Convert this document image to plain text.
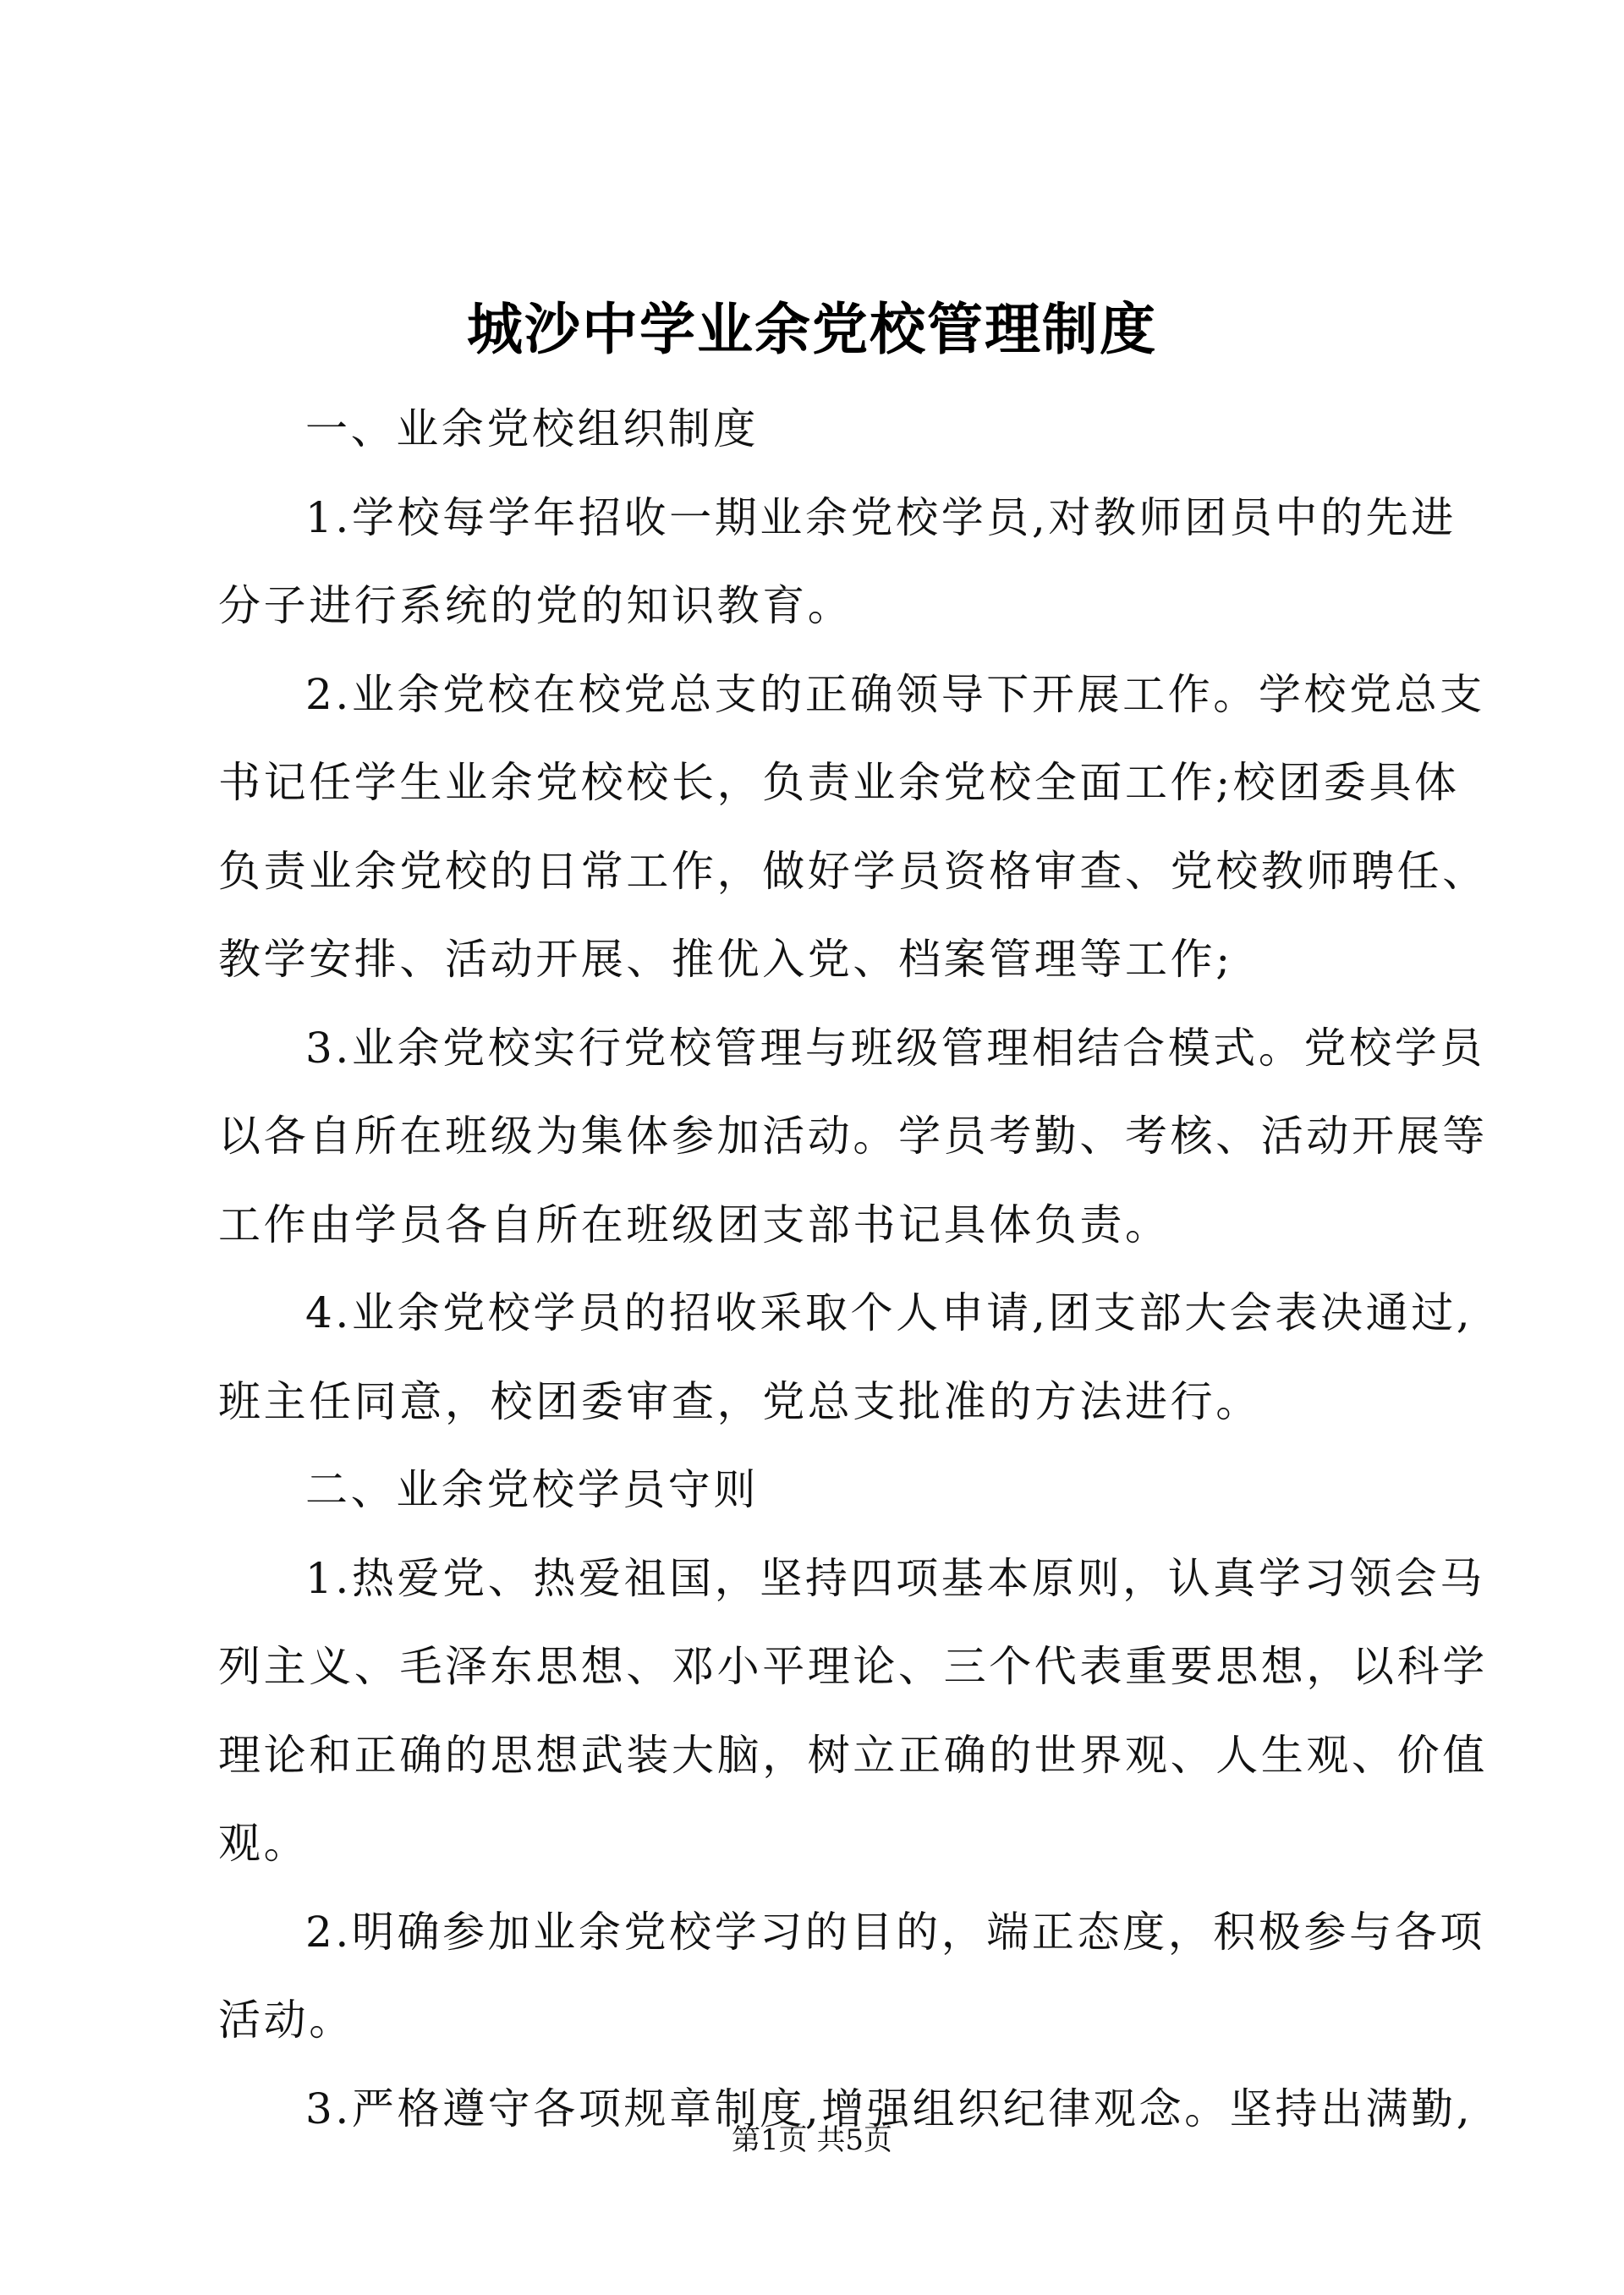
城沙中学业余党校管理制度
一、业余党校组织制度
1.学校每学年招收一期业余党校学员,对教师团员中的先进
分子进行系统的党的知识教育。
2.业余党校在校党总支的正确领导下开展工作。学校党总支
书记任学生业余党校校长，负责业余党校全面工作;校团委具体
负责业余党校的日常工作，做好学员资格审查、党校教师聘任、
教学安排、活动开展、推优入党、档案管理等工作;
3.业余党校实行党校管理与班级管理相结合模式。党校学员
以各自所在班级为集体参加活动。学员考勤、考核、活动开展等
工作由学员各自所在班级团支部书记具体负责。
4.业余党校学员的招收采取个人申请,团支部大会表决通过,
班主任同意，校团委审查，党总支批准的方法进行。
二、业余党校学员守则
1.热爱党、热爱祖国，坚持四项基本原则，认真学习领会马
列主义、毛泽东思想、邓小平理论、三个代表重要思想，以科学
理论和正确的思想武装大脑，树立正确的世界观、人生观、价值
观。
2.明确参加业余党校学习的目的，端正态度，积极参与各项
活动。
3.严格遵守各项规章制度,增强组织纪律观念。坚持出满勤,
第1页 共5页
